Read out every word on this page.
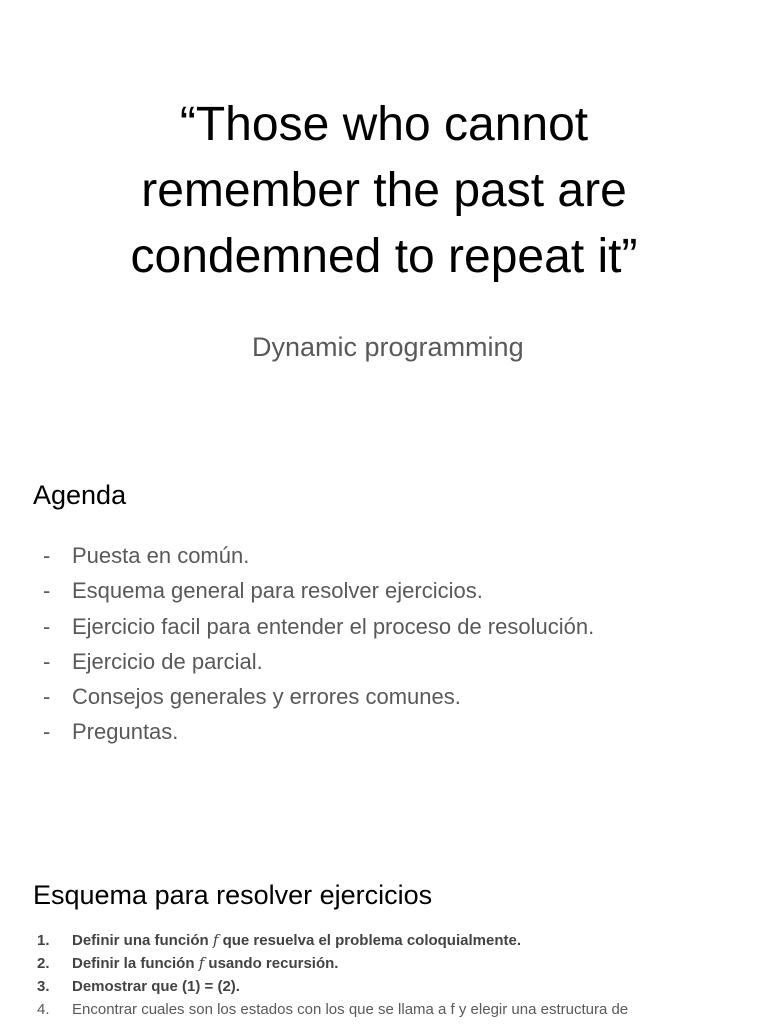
“Those who cannot
remember the past are
condemned to repeat it”

Dynamic programming

Agenda
- Puesta en común.
- Esquema general para resolver ejercicios.
- Ejercicio facil para entender el proceso de resolución.
- Ejercicio de parcial.
- Consejos generales y errores comunes.
- Preguntas.
Esquema para resolver ejercicios
1. Definir una función f que resuelva el problema coloquialmente.
2. Definir la función f usando recursión.
3. Demostrar que (1) = (2).
4. Encontrar cuales son los estados con los que se llama a f y elegir una estructura de
